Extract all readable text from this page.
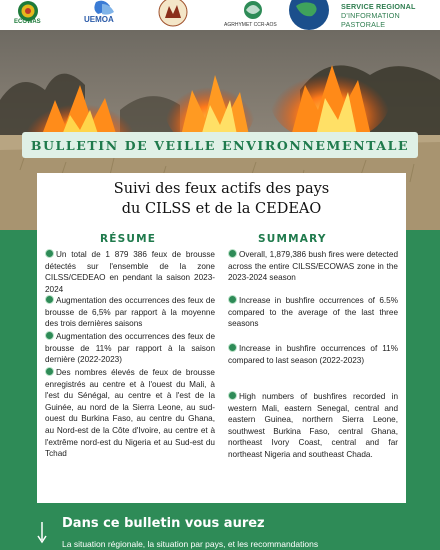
ECOWAS	UEMOA
AGRHYMET CCR-AOS
SERVICE REGIONAL
D'INFORMATION PASTORALE
BULLETIN DE VEILLE ENVIRONNEMENTALE
Suivi des feux actifs des pays
du CILSS et de la CEDEAO
RÉSUME	SUMMARY
Un total de 1 879 386 feux de brousse détectés sur l'ensemble de la zone CILSS/CEDEAO en pendant la saison 2023-2024
Augmentation des occurrences des feux de brousse de 6,5% par rapport à la moyenne des trois dernières saisons
Augmentation des occurrences des feux de brousse de 11% par rapport à la saison dernière (2022-2023)
Des nombres élevés de feux de brousse enregistrés au centre et à l'ouest du Mali, à l'est du Sénégal, au centre et à l'est de la Guinée, au nord de la Sierra Leone, au sud-ouest du Burkina Faso, au centre du Ghana, au Nord-est de la Côte d'Ivoire, au centre et à l'extrême nord-est du Nigeria et au Sud-est du Tchad
Overall, 1,879,386 bush fires were detected across the entire CILSS/ECOWAS zone in the 2023-2024 season
Increase in bushfire occurrences of 6.5% compared to the average of the last three seasons
Increase in bushfire occurrences of 11% compared to last season (2022-2023)
High numbers of bushfires recorded in western Mali, eastern Senegal, central and eastern Guinea, northern Sierra Leone, southwest Burkina Faso, central Ghana, northeast Ivory Coast, central and far northeast Nigeria and southeast Chada.
Dans ce bulletin vous aurez
La situation régionale, la situation par pays, et les recommandations
